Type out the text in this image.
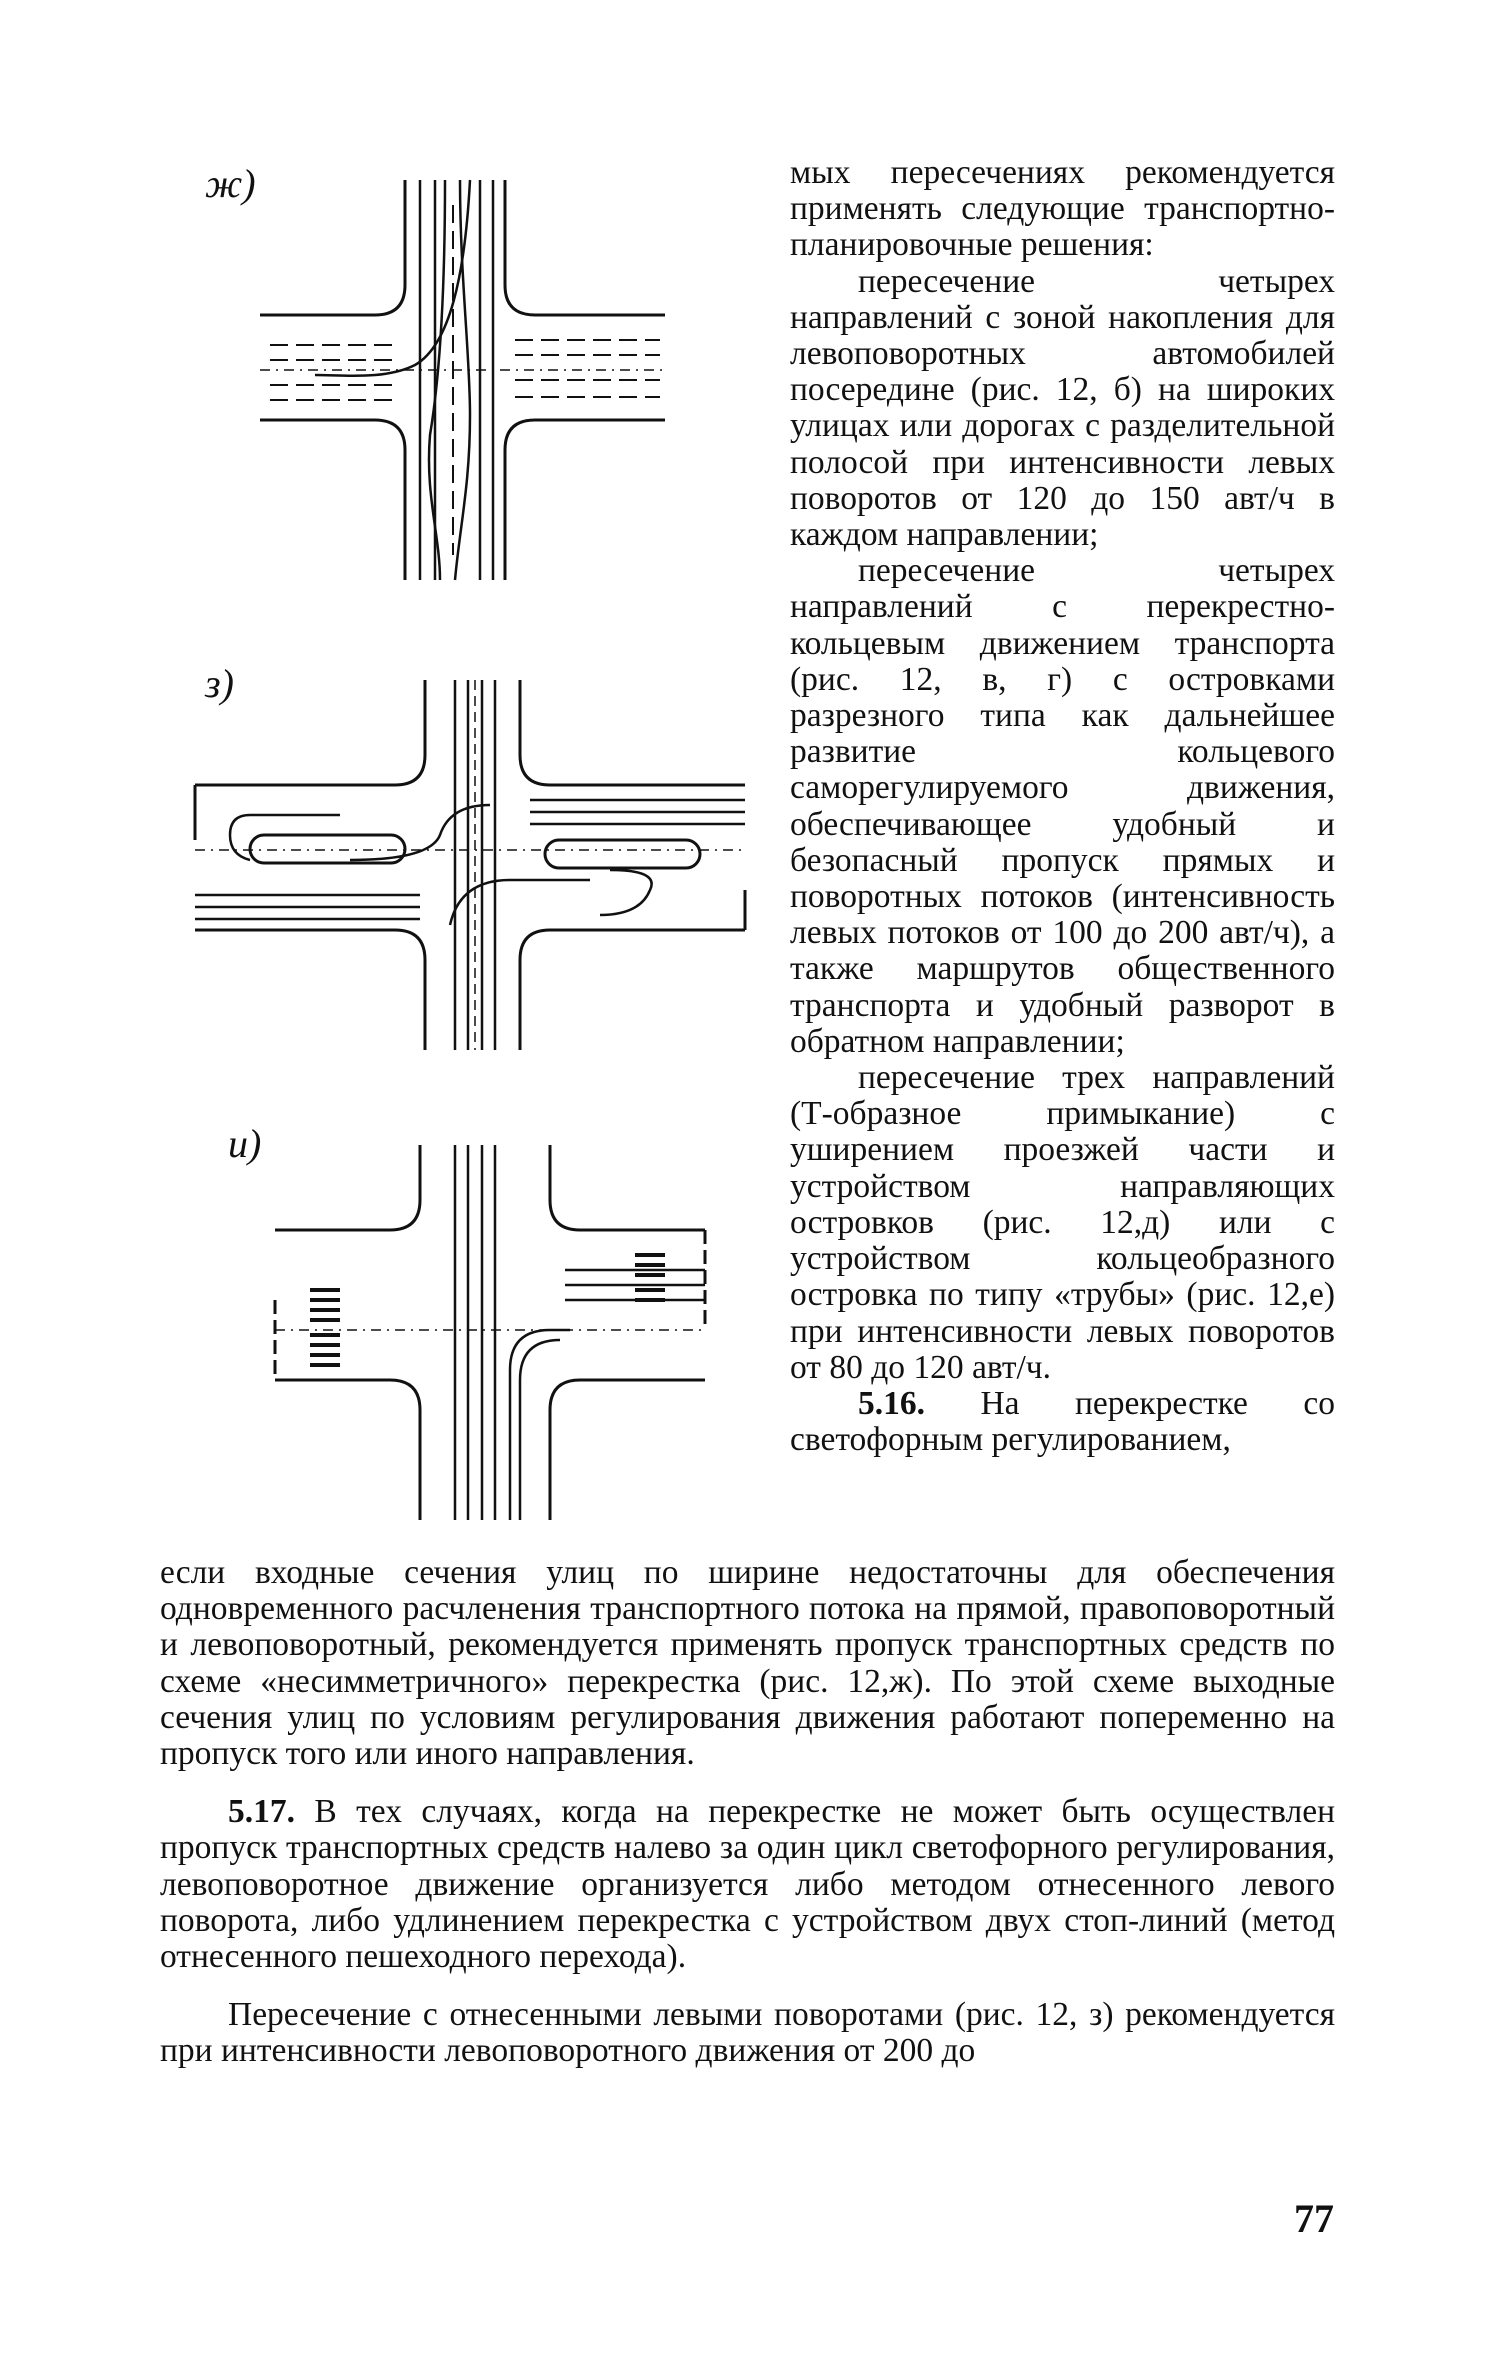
ж)
з)
и)

мых пересечениях рекомендуется применять следующие транспортно-планировочные решения:

пересечение четырех направлений с зоной накопления для левоповоротных автомобилей посередине (рис. 12, б) на широких улицах или дорогах с разделительной полосой при интенсивности левых поворотов от 120 до 150 авт/ч в каждом направлении;

пересечение четырех направлений с перекрестно-кольцевым движением транспорта (рис. 12, в, г) с островками разрезного типа как дальнейшее развитие кольцевого саморегулируемого движения, обеспечивающее удобный и безопасный пропуск прямых и поворотных потоков (интенсивность левых потоков от 100 до 200 авт/ч), а также маршрутов общественного транспорта и удобный разворот в обратном направлении;

пересечение трех направлений (Т-образное примыкание) с уширением проезжей части и устройством направляющих островков (рис. 12,д) или с устройством кольцеобразного островка по типу «трубы» (рис. 12,е) при интенсивности левых поворотов от 80 до 120 авт/ч.

5.16. На перекрестке со светофорным регулированием,

если входные сечения улиц по ширине недостаточны для обеспечения одновременного расчленения транспортного потока на прямой, правоповоротный и левоповоротный, рекомендуется применять пропуск транспортных средств по схеме «несимметричного» перекрестка (рис. 12,ж). По этой схеме выходные сечения улиц по условиям регулирования движения работают попеременно на пропуск того или иного направления.

5.17. В тех случаях, когда на перекрестке не может быть осуществлен пропуск транспортных средств налево за один цикл светофорного регулирования, левоповоротное движение организуется либо методом отнесенного левого поворота, либо удлинением перекрестка с устройством двух стоп-линий (метод отнесенного пешеходного перехода).

Пересечение с отнесенными левыми поворотами (рис. 12, з) рекомендуется при интенсивности левоповоротного движения от 200 до

77
